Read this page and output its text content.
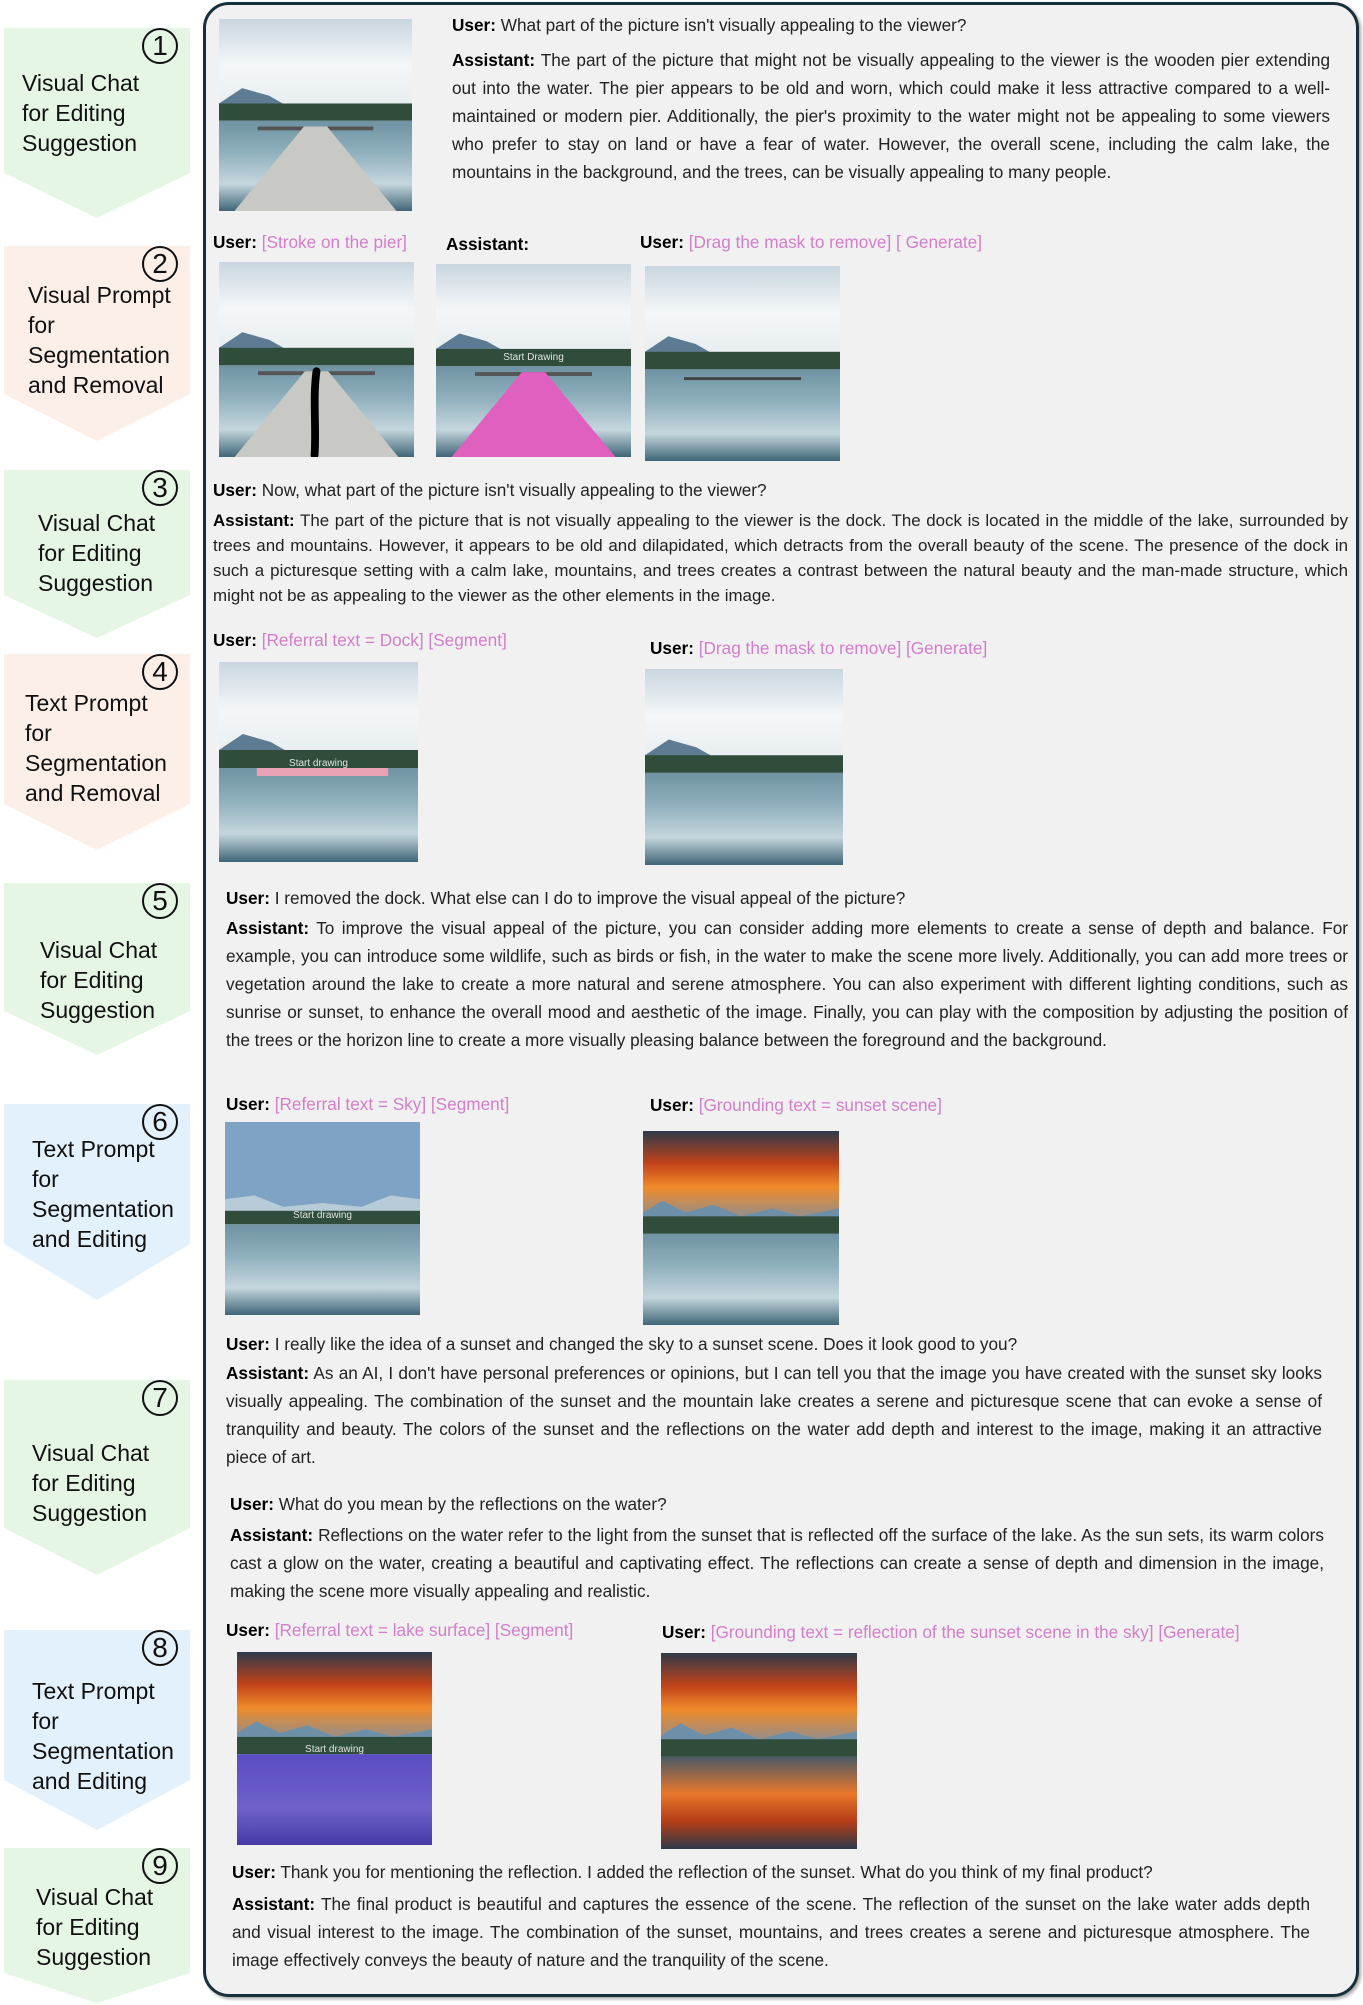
1
Visual Chat
for Editing
Suggestion
2
Visual Prompt
for
Segmentation
and Removal
3
Visual Chat
for Editing
Suggestion
4
Text Prompt
for
Segmentation
and Removal
5
Visual Chat
for Editing
Suggestion
6
Text Prompt
for
Segmentation
and Editing
7
Visual Chat
for Editing
Suggestion
8
Text Prompt
for
Segmentation
and Editing
9
Visual Chat
for Editing
Suggestion
User: What part of the picture isn't visually appealing to the viewer?
Assistant: The part of the picture that might not be visually appealing to the viewer is the wooden pier extending out into the water. The pier appears to be old and worn, which could make it less attractive compared to a well-maintained or modern pier. Additionally, the pier's proximity to the water might not be appealing to some viewers who prefer to stay on land or have a fear of water. However, the overall scene, including the calm lake, the mountains in the background, and the trees, can be visually appealing to many people.
User: [Stroke on the pier] Assistant:	User: [Drag the mask to remove] [ Generate]
Start Drawing
User: Now, what part of the picture isn't visually appealing to the viewer?
Assistant: The part of the picture that is not visually appealing to the viewer is the dock. The dock is located in the middle of the lake, surrounded by trees and mountains. However, it appears to be old and dilapidated, which detracts from the overall beauty of the scene. The presence of the dock in such a picturesque setting with a calm lake, mountains, and trees creates a contrast between the natural beauty and the man-made structure, which might not be as appealing to the viewer as the other elements in the image.
User: [Referral text = Dock] [Segment]	User: [Drag the mask to remove] [Generate]
Start drawing
User: I removed the dock. What else can I do to improve the visual appeal of the picture?
Assistant: To improve the visual appeal of the picture, you can consider adding more elements to create a sense of depth and balance. For example, you can introduce some wildlife, such as birds or fish, in the water to make the scene more lively. Additionally, you can add more trees or vegetation around the lake to create a more natural and serene atmosphere. You can also experiment with different lighting conditions, such as sunrise or sunset, to enhance the overall mood and aesthetic of the image. Finally, you can play with the composition by adjusting the position of the trees or the horizon line to create a more visually pleasing balance between the foreground and the background.
User: [Referral text = Sky] [Segment]	User: [Grounding text = sunset scene]
Start drawing
User: I really like the idea of a sunset and changed the sky to a sunset scene. Does it look good to you?
Assistant: As an AI, I don't have personal preferences or opinions, but I can tell you that the image you have created with the sunset sky looks visually appealing. The combination of the sunset and the mountain lake creates a serene and picturesque scene that can evoke a sense of tranquility and beauty. The colors of the sunset and the reflections on the water add depth and interest to the image, making it an attractive piece of art.
User: What do you mean by the reflections on the water?
Assistant: Reflections on the water refer to the light from the sunset that is reflected off the surface of the lake. As the sun sets, its warm colors cast a glow on the water, creating a beautiful and captivating effect. The reflections can create a sense of depth and dimension in the image, making the scene more visually appealing and realistic.
User: [Referral text = lake surface] [Segment]	User: [Grounding text = reflection of the sunset scene in the sky] [Generate]
Start drawing
User: Thank you for mentioning the reflection. I added the reflection of the sunset. What do you think of my final product?
Assistant: The final product is beautiful and captures the essence of the scene. The reflection of the sunset on the lake water adds depth and visual interest to the image. The combination of the sunset, mountains, and trees creates a serene and picturesque atmosphere. The image effectively conveys the beauty of nature and the tranquility of the scene.
